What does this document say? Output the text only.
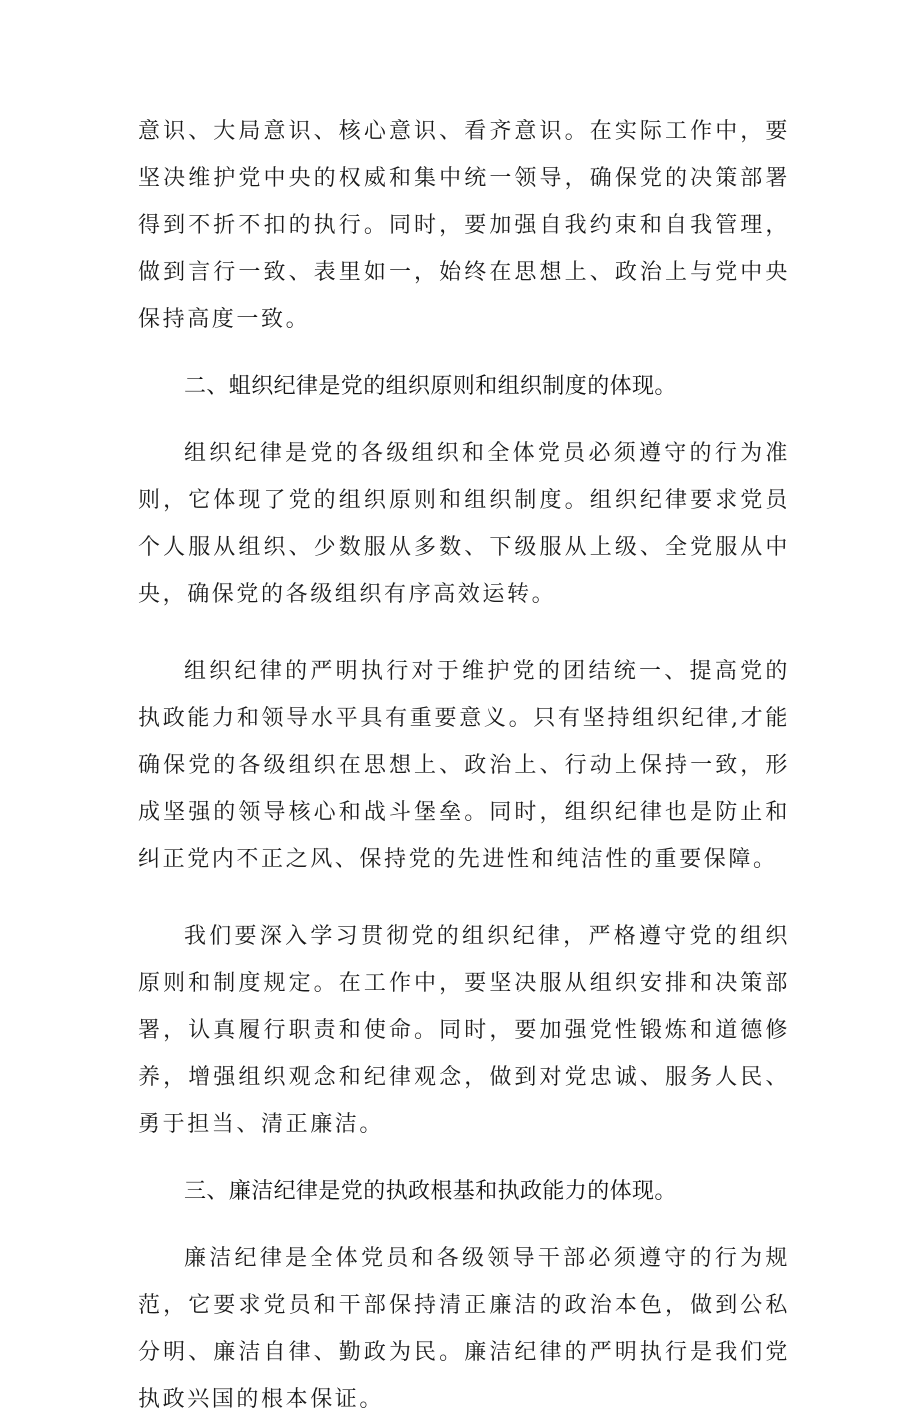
意识、大局意识、核心意识、看齐意识。在实际工作中，要坚决维护党中央的权威和集中统一领导，确保党的决策部署得到不折不扣的执行。同时，要加强自我约束和自我管理，做到言行一致、表里如一，始终在思想上、政治上与党中央保持高度一致。

二、蛆织纪律是党的组织原则和组织制度的体现。

组织纪律是党的各级组织和全体党员必须遵守的行为准则，它体现了党的组织原则和组织制度。组织纪律要求党员个人服从组织、少数服从多数、下级服从上级、全党服从中央，确保党的各级组织有序高效运转。

组织纪律的严明执行对于维护党的团结统一、提高党的执政能力和领导水平具有重要意义。只有坚持组织纪律,才能确保党的各级组织在思想上、政治上、行动上保持一致，形成坚强的领导核心和战斗堡垒。同时，组织纪律也是防止和纠正党内不正之风、保持党的先进性和纯洁性的重要保障。

我们要深入学习贯彻党的组织纪律，严格遵守党的组织原则和制度规定。在工作中，要坚决服从组织安排和决策部署，认真履行职责和使命。同时，要加强党性锻炼和道德修养，增强组织观念和纪律观念，做到对党忠诚、服务人民、勇于担当、清正廉洁。

三、廉洁纪律是党的执政根基和执政能力的体现。

廉洁纪律是全体党员和各级领导干部必须遵守的行为规范，它要求党员和干部保持清正廉洁的政治本色，做到公私分明、廉洁自律、勤政为民。廉洁纪律的严明执行是我们党执政兴国的根本保证。
